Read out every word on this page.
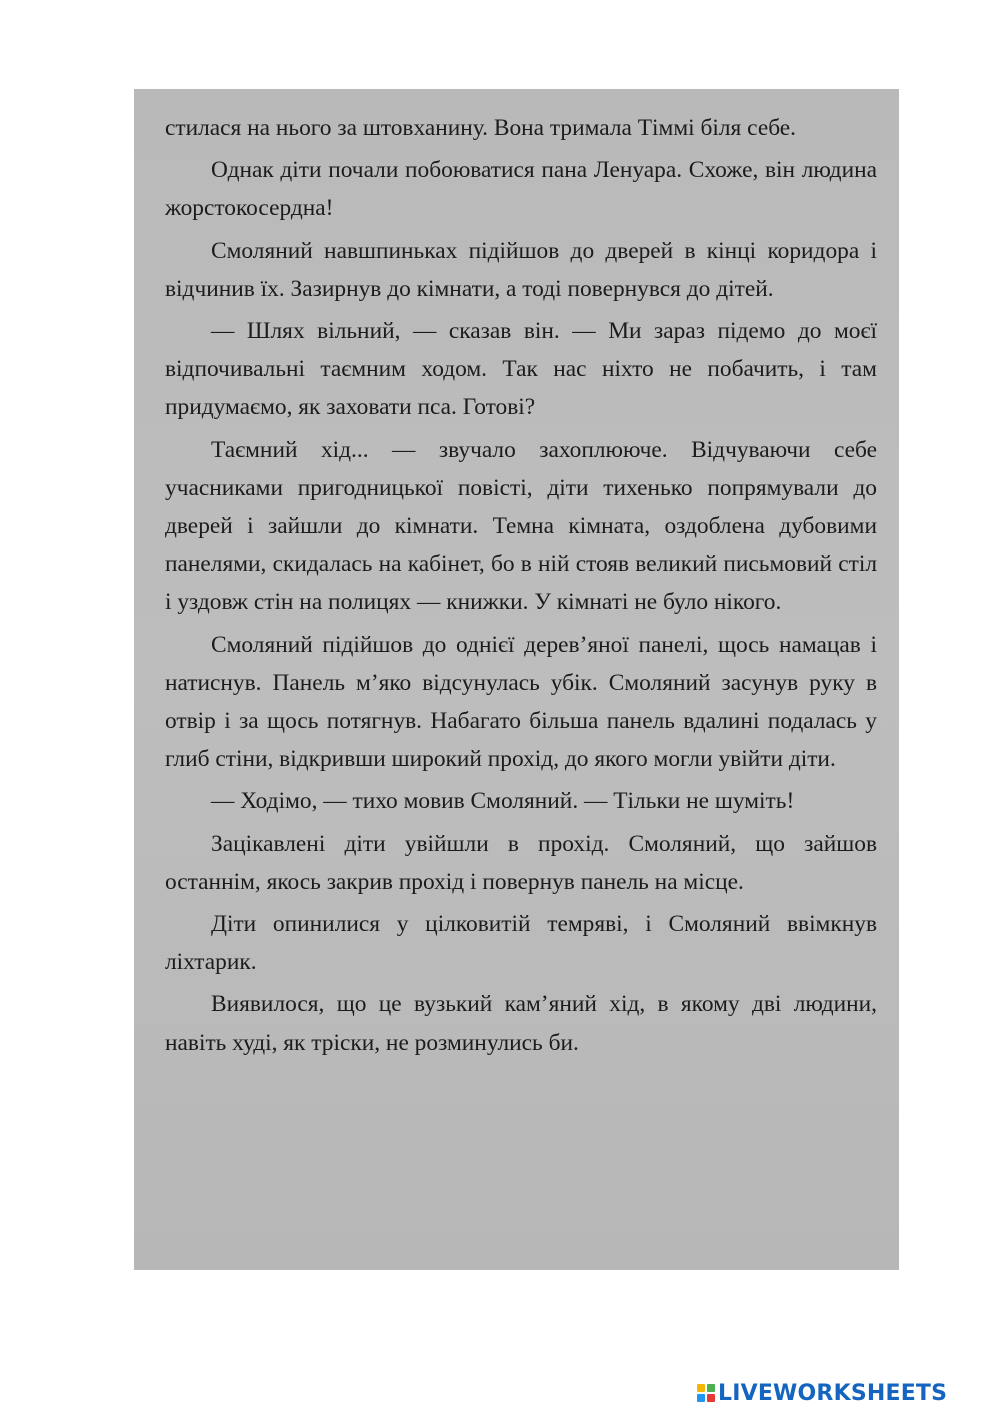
стилася на нього за штовханину. Вона тримала Тіммі біля себе.

Однак діти почали побоюватися пана Ленуара. Схоже, він людина жорстокосердна!

Смоляний навшпиньках підійшов до дверей в кінці коридора і відчинив їх. Зазирнув до кімнати, а тоді повернувся до дітей.

— Шлях вільний, — сказав він. — Ми зараз підемо до моєї відпочивальні таємним ходом. Так нас ніхто не побачить, і там придумаємо, як заховати пса. Готові?

Таємний хід... — звучало захоплююче. Відчуваючи себе учасниками пригодницької повісті, діти тихенько попрямували до дверей і зайшли до кімнати. Темна кімната, оздоблена дубовими панелями, скидалась на кабінет, бо в ній стояв великий письмовий стіл і уздовж стін на полицях — книжки. У кімнаті не було нікого.

Смоляний підійшов до однієї дерев’яної панелі, щось намацав і натиснув. Панель м’яко відсунулась убік. Смоляний засунув руку в отвір і за щось потягнув. Набагато більша панель вдалині подалась у глиб стіни, відкривши широкий прохід, до якого могли увійти діти.

— Ходімо, — тихо мовив Смоляний. — Тільки не шуміть!

Зацікавлені діти увійшли в прохід. Смоляний, що зайшов останнім, якось закрив прохід і повернув панель на місце.

Діти опинилися у цілковитій темряві, і Смоляний ввімкнув ліхтарик.

Виявилося, що це вузький кам’яний хід, в якому дві людини, навіть худі, як тріски, не розминулись би.

LIVEWORKSHEETS
